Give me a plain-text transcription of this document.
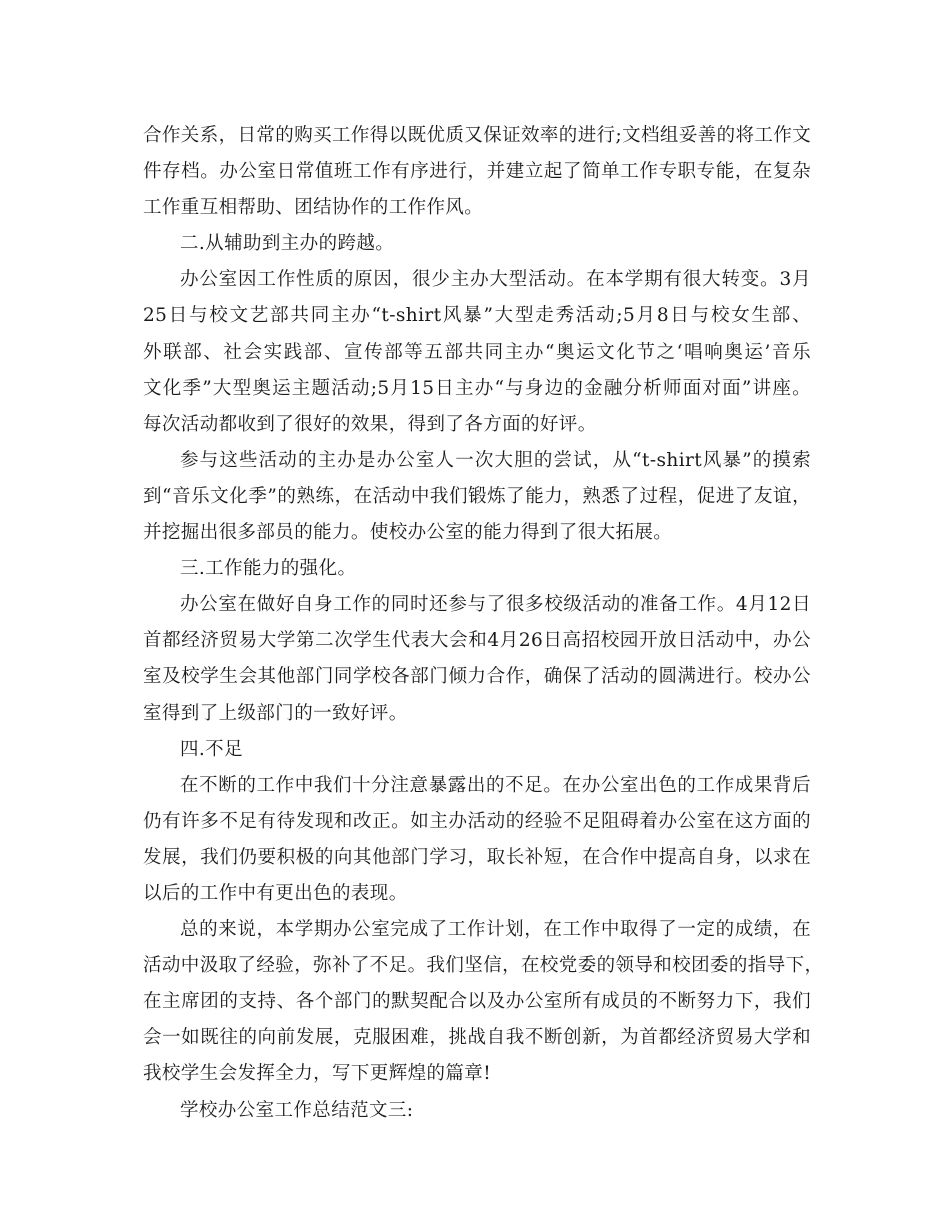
合作关系，日常的购买工作得以既优质又保证效率的进行;文档组妥善的将工作文
件存档。办公室日常值班工作有序进行，并建立起了简单工作专职专能，在复杂
工作重互相帮助、团结协作的工作作风。
二.从辅助到主办的跨越。
办公室因工作性质的原因，很少主办大型活动。在本学期有很大转变。3月
25日与校文艺部共同主办“t-shirt风暴”大型走秀活动;5月8日与校女生部、
外联部、社会实践部、宣传部等五部共同主办“奥运文化节之‘唱响奥运’音乐
文化季”大型奥运主题活动;5月15日主办“与身边的金融分析师面对面”讲座。
每次活动都收到了很好的效果，得到了各方面的好评。
参与这些活动的主办是办公室人一次大胆的尝试，从“t-shirt风暴”的摸索
到“音乐文化季”的熟练，在活动中我们锻炼了能力，熟悉了过程，促进了友谊，
并挖掘出很多部员的能力。使校办公室的能力得到了很大拓展。
三.工作能力的强化。
办公室在做好自身工作的同时还参与了很多校级活动的准备工作。4月12日
首都经济贸易大学第二次学生代表大会和4月26日高招校园开放日活动中，办公
室及校学生会其他部门同学校各部门倾力合作，确保了活动的圆满进行。校办公
室得到了上级部门的一致好评。
四.不足
在不断的工作中我们十分注意暴露出的不足。在办公室出色的工作成果背后
仍有许多不足有待发现和改正。如主办活动的经验不足阻碍着办公室在这方面的
发展，我们仍要积极的向其他部门学习，取长补短，在合作中提高自身，以求在
以后的工作中有更出色的表现。
总的来说，本学期办公室完成了工作计划，在工作中取得了一定的成绩，在
活动中汲取了经验，弥补了不足。我们坚信，在校党委的领导和校团委的指导下，
在主席团的支持、各个部门的默契配合以及办公室所有成员的不断努力下，我们
会一如既往的向前发展，克服困难，挑战自我不断创新，为首都经济贸易大学和
我校学生会发挥全力，写下更辉煌的篇章!
学校办公室工作总结范文三:
